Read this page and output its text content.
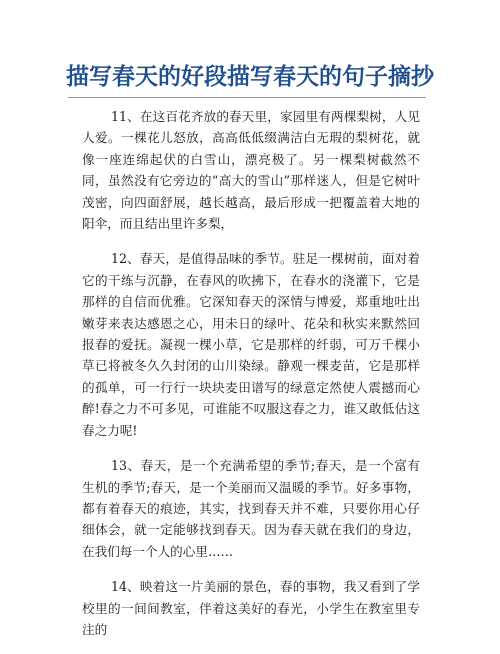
描写春天的好段描写春天的句子摘抄

11、在这百花齐放的春天里，家园里有两棵梨树，人见人爱。一棵花儿怒放，高高低低缀满洁白无瑕的梨树花，就像一座连绵起伏的白雪山，漂亮极了。另一棵梨树截然不同，虽然没有它旁边的“高大的雪山”那样迷人，但是它树叶茂密，向四面舒展，越长越高，最后形成一把覆盖着大地的阳伞，而且结出里许多梨，

12、春天，是值得品味的季节。驻足一棵树前，面对着它的干练与沉静，在春风的吹拂下，在春水的浇灌下，它是那样的自信而优雅。它深知春天的深情与博爱，郑重地吐出嫩芽来表达感恩之心，用未日的绿叶、花朵和秋实来默然回报春的爱抚。凝视一棵小草，它是那样的纤弱，可万千棵小草已将被冬久久封闭的山川染绿。静观一棵麦苗，它是那样的孤单，可一行行一块块麦田谱写的绿意定然使人震撼而心醉!春之力不可多见，可谁能不叹服这春之力，谁又敢低估这春之力呢!

13、春天，是一个充满希望的季节;春天，是一个富有生机的季节;春天，是一个美丽而又温暖的季节。好多事物，都有着春天的痕迹，其实，找到春天并不难，只要你用心仔细体会，就一定能够找到春天。因为春天就在我们的身边，在我们每一个人的心里……

14、映着这一片美丽的景色，春的事物，我又看到了学校里的一间间教室，伴着这美好的春光，小学生在教室里专注的
